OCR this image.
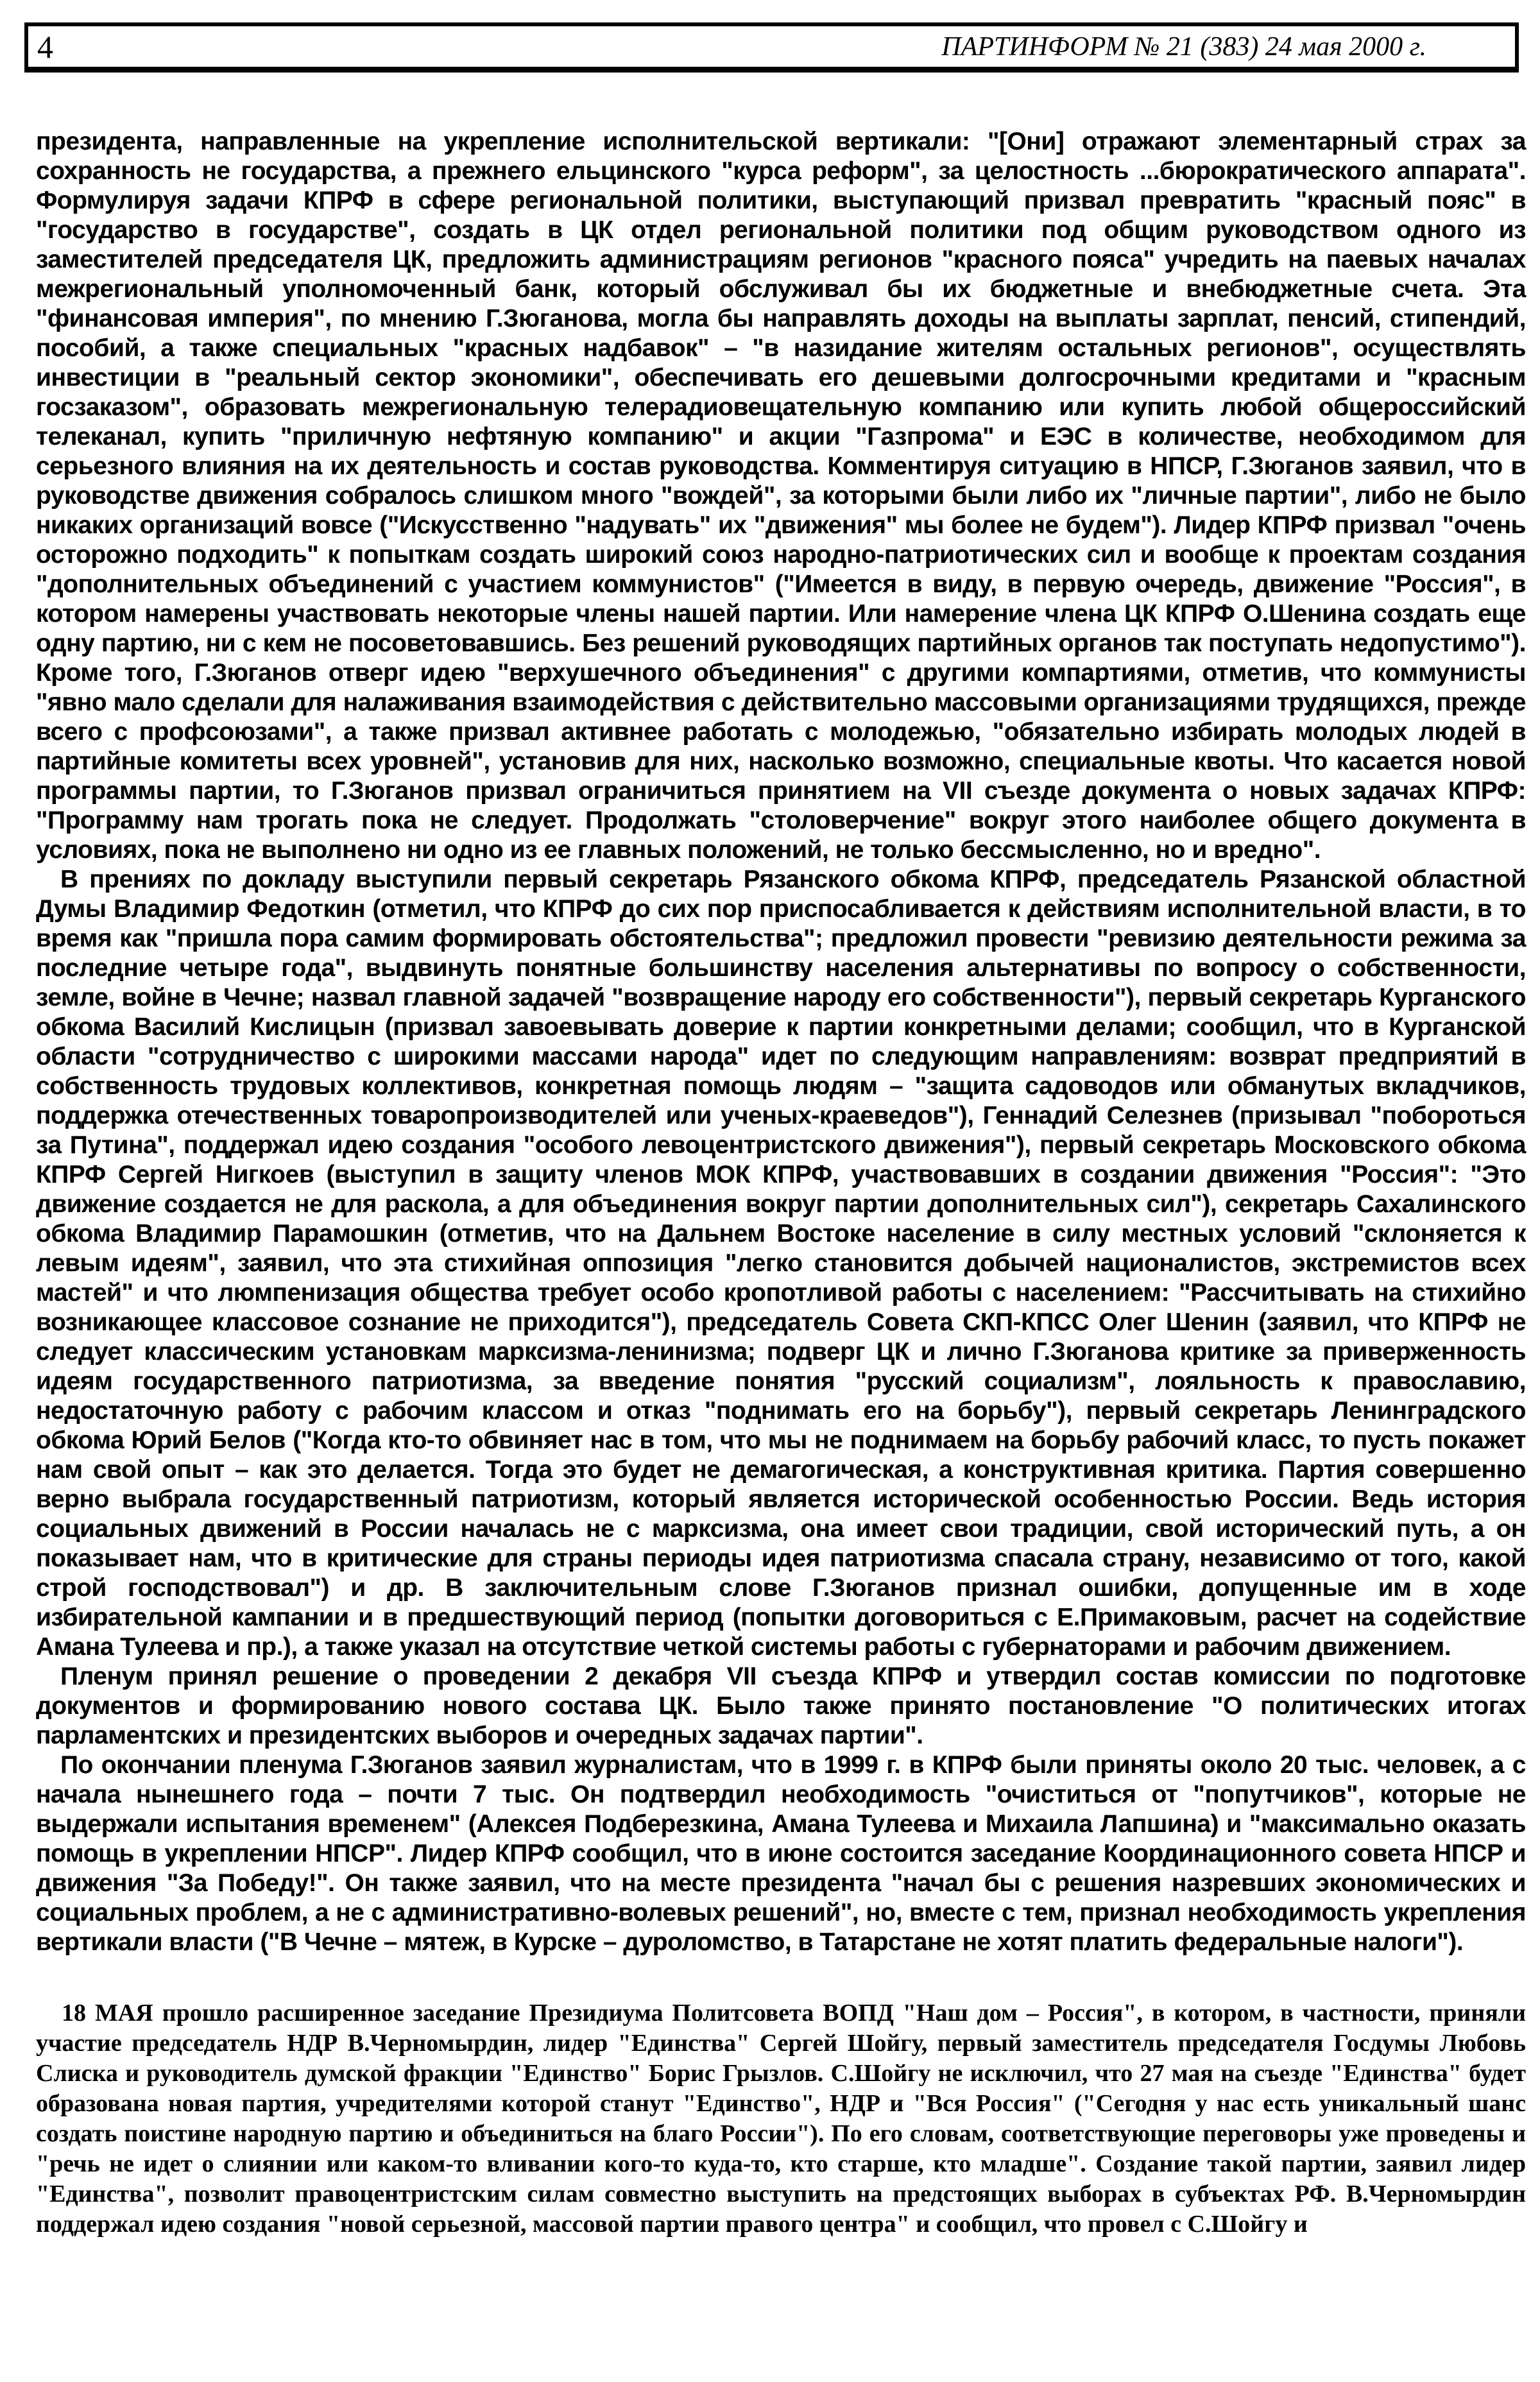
4	ПАРТИНФОРМ № 21 (383) 24 мая 2000 г.

президента, направленные на укрепление исполнительской вертикали: "[Они] отражают элементарный страх за сохранность не государства, а прежнего ельцинского "курса реформ", за целостность ...бюрократического аппарата". Формулируя задачи КПРФ в сфере региональной политики, выступающий призвал превратить "красный пояс" в "государство в государстве", создать в ЦК отдел региональной политики под общим руководством одного из заместителей председателя ЦК, предложить администрациям регионов "красного пояса" учредить на паевых началах межрегиональный уполномоченный банк, который обслуживал бы их бюджетные и внебюджетные счета. Эта "финансовая империя", по мнению Г.Зюганова, могла бы направлять доходы на выплаты зарплат, пенсий, стипендий, пособий, а также специальных "красных надбавок" – "в назидание жителям остальных регионов", осуществлять инвестиции в "реальный сектор экономики", обеспечивать его дешевыми долгосрочными кредитами и "красным госзаказом", образовать межрегиональную телерадиовещательную компанию или купить любой общероссийский телеканал, купить "приличную нефтяную компанию" и акции "Газпрома" и ЕЭС в количестве, необходимом для серьезного влияния на их деятельность и состав руководства. Комментируя ситуацию в НПСР, Г.Зюганов заявил, что в руководстве движения собралось слишком много "вождей", за которыми были либо их "личные партии", либо не было никаких организаций вовсе ("Искусственно "надувать" их "движения" мы более не будем"). Лидер КПРФ призвал "очень осторожно подходить" к попыткам создать широкий союз народно-патриотических сил и вообще к проектам создания "дополнительных объединений с участием коммунистов" ("Имеется в виду, в первую очередь, движение "Россия", в котором намерены участвовать некоторые члены нашей партии. Или намерение члена ЦК КПРФ О.Шенина создать еще одну партию, ни с кем не посоветовавшись. Без решений руководящих партийных органов так поступать недопустимо"). Кроме того, Г.Зюганов отверг идею "верхушечного объединения" с другими компартиями, отметив, что коммунисты "явно мало сделали для налаживания взаимодействия с действительно массовыми организациями трудящихся, прежде всего с профсоюзами", а также призвал активнее работать с молодежью, "обязательно избирать молодых людей в партийные комитеты всех уровней", установив для них, насколько возможно, специальные квоты. Что касается новой программы партии, то Г.Зюганов призвал ограничиться принятием на VII съезде документа о новых задачах КПРФ: "Программу нам трогать пока не следует. Продолжать "столоверчение" вокруг этого наиболее общего документа в условиях, пока не выполнено ни одно из ее главных положений, не только бессмысленно, но и вредно".

В прениях по докладу выступили первый секретарь Рязанского обкома КПРФ, председатель Рязанской областной Думы Владимир Федоткин (отметил, что КПРФ до сих пор приспосабливается к действиям исполнительной власти, в то время как "пришла пора самим формировать обстоятельства"; предложил провести "ревизию деятельности режима за последние четыре года", выдвинуть понятные большинству населения альтернативы по вопросу о собственности, земле, войне в Чечне; назвал главной задачей "возвращение народу его собственности"), первый секретарь Курганского обкома Василий Кислицын (призвал завоевывать доверие к партии конкретными делами; сообщил, что в Курганской области "сотрудничество с широкими массами народа" идет по следующим направлениям: возврат предприятий в собственность трудовых коллективов, конкретная помощь людям – "защита садоводов или обманутых вкладчиков, поддержка отечественных товаропроизводителей или ученых-краеведов"), Геннадий Селезнев (призывал "побороться за Путина", поддержал идею создания "особого левоцентристского движения"), первый секретарь Московского обкома КПРФ Сергей Нигкоев (выступил в защиту членов МОК КПРФ, участвовавших в создании движения "Россия": "Это движение создается не для раскола, а для объединения вокруг партии дополнительных сил"), секретарь Сахалинского обкома Владимир Парамошкин (отметив, что на Дальнем Востоке население в силу местных условий "склоняется к левым идеям", заявил, что эта стихийная оппозиция "легко становится добычей националистов, экстремистов всех мастей" и что люмпенизация общества требует особо кропотливой работы с населением: "Рассчитывать на стихийно возникающее классовое сознание не приходится"), председатель Совета СКП-КПСС Олег Шенин (заявил, что КПРФ не следует классическим установкам марксизма-ленинизма; подверг ЦК и лично Г.Зюганова критике за приверженность идеям государственного патриотизма, за введение понятия "русский социализм", лояльность к православию, недостаточную работу с рабочим классом и отказ "поднимать его на борьбу"), первый секретарь Ленинградского обкома Юрий Белов ("Когда кто-то обвиняет нас в том, что мы не поднимаем на борьбу рабочий класс, то пусть покажет нам свой опыт – как это делается. Тогда это будет не демагогическая, а конструктивная критика. Партия совершенно верно выбрала государственный патриотизм, который является исторической особенностью России. Ведь история социальных движений в России началась не с марксизма, она имеет свои традиции, свой исторический путь, а он показывает нам, что в критические для страны периоды идея патриотизма спасала страну, независимо от того, какой строй господствовал") и др. В заключительным слове Г.Зюганов признал ошибки, допущенные им в ходе избирательной кампании и в предшествующий период (попытки договориться с Е.Примаковым, расчет на содействие Амана Тулеева и пр.), а также указал на отсутствие четкой системы работы с губернаторами и рабочим движением.

Пленум принял решение о проведении 2 декабря VII съезда КПРФ и утвердил состав комиссии по подготовке документов и формированию нового состава ЦК. Было также принято постановление "О политических итогах парламентских и президентских выборов и очередных задачах партии".

По окончании пленума Г.Зюганов заявил журналистам, что в 1999 г. в КПРФ были приняты около 20 тыс. человек, а с начала нынешнего года – почти 7 тыс. Он подтвердил необходимость "очиститься от "попутчиков", которые не выдержали испытания временем" (Алексея Подберезкина, Амана Тулеева и Михаила Лапшина) и "максимально оказать помощь в укреплении НПСР". Лидер КПРФ сообщил, что в июне состоится заседание Координационного совета НПСР и движения "За Победу!". Он также заявил, что на месте президента "начал бы с решения назревших экономических и социальных проблем, а не с административно-волевых решений", но, вместе с тем, признал необходимость укрепления вертикали власти ("В Чечне – мятеж, в Курске – дуроломство, в Татарстане не хотят платить федеральные налоги").

18 МАЯ прошло расширенное заседание Президиума Политсовета ВОПД "Наш дом – Россия", в котором, в частности, приняли участие председатель НДР В.Черномырдин, лидер "Единства" Сергей Шойгу, первый заместитель председателя Госдумы Любовь Слиска и руководитель думской фракции "Единство" Борис Грызлов. С.Шойгу не исключил, что 27 мая на съезде "Единства" будет образована новая партия, учредителями которой станут "Единство", НДР и "Вся Россия" ("Сегодня у нас есть уникальный шанс создать поистине народную партию и объединиться на благо России"). По его словам, соответствующие переговоры уже проведены и "речь не идет о слиянии или каком-то вливании кого-то куда-то, кто старше, кто младше". Создание такой партии, заявил лидер "Единства", позволит правоцентристским силам совместно выступить на предстоящих выборах в субъектах РФ. В.Черномырдин поддержал идею создания "новой серьезной, массовой партии правого центра" и сообщил, что провел с С.Шойгу и
